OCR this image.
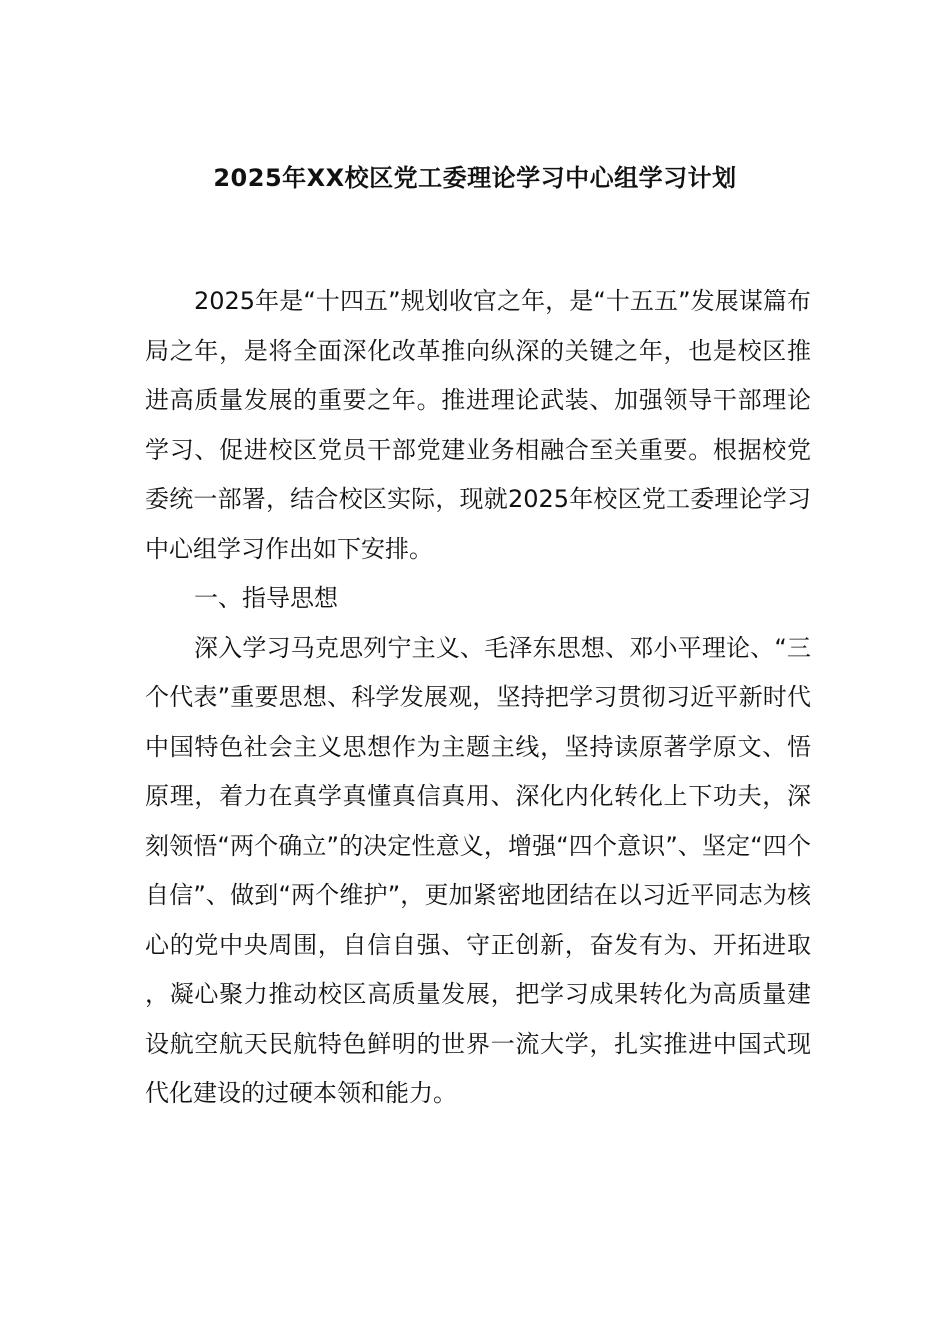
2025年XX校区党工委理论学习中心组学习计划

2025年是“十四五”规划收官之年，是“十五五”发展谋篇布局之年，是将全面深化改革推向纵深的关键之年，也是校区推进高质量发展的重要之年。推进理论武装、加强领导干部理论学习、促进校区党员干部党建业务相融合至关重要。根据校党委统一部署，结合校区实际，现就2025年校区党工委理论学习中心组学习作出如下安排。

一、指导思想

深入学习马克思列宁主义、毛泽东思想、邓小平理论、“三个代表”重要思想、科学发展观，坚持把学习贯彻习近平新时代中国特色社会主义思想作为主题主线，坚持读原著学原文、悟原理，着力在真学真懂真信真用、深化内化转化上下功夫，深刻领悟“两个确立”的决定性意义，增强“四个意识”、坚定“四个自信”、做到“两个维护”，更加紧密地团结在以习近平同志为核心的党中央周围，自信自强、守正创新，奋发有为、开拓进取，凝心聚力推动校区高质量发展，把学习成果转化为高质量建设航空航天民航特色鲜明的世界一流大学，扎实推进中国式现代化建设的过硬本领和能力。
